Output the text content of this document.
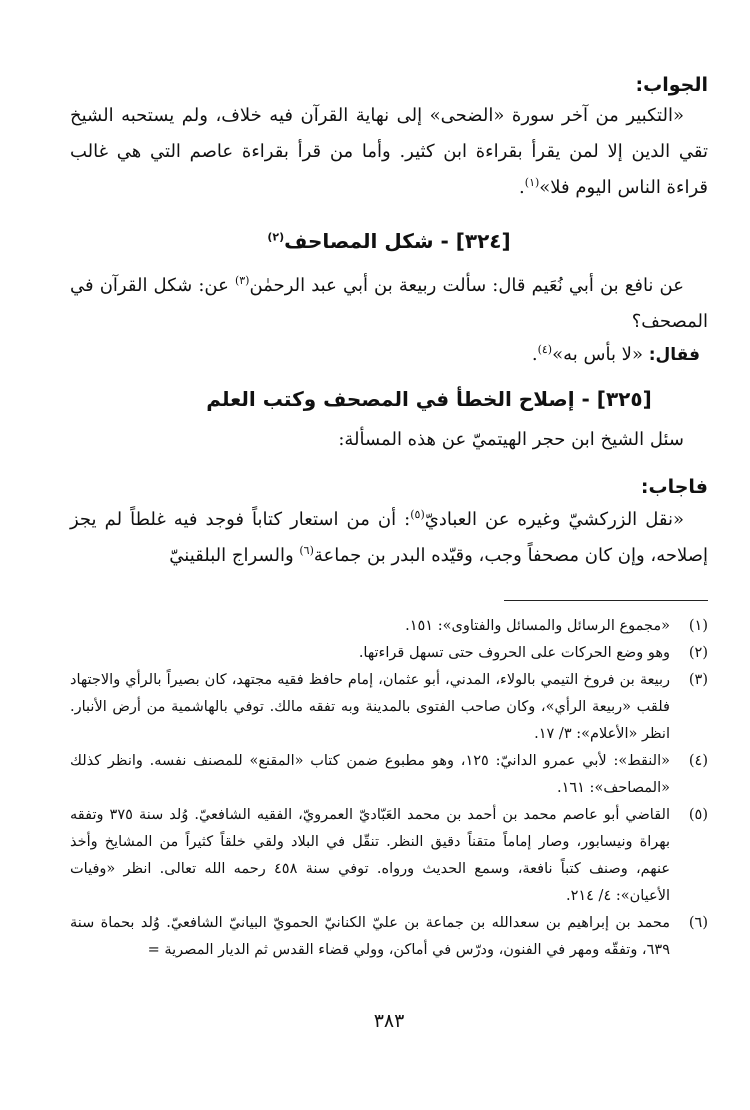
الجواب:

«التكبير من آخر سورة «الضحى» إلى نهاية القرآن فيه خلاف، ولم يستحبه الشيخ تقي الدين إلا لمن يقرأ بقراءة ابن كثير. وأما من قرأ بقراءة عاصم التي هي غالب قراءة الناس اليوم فلا»$^{(١)}$.

[٣٢٤] - شكل المصاحف$^{(٢)}$

عن نافع بن أبي نُعَيم قال: سألت ربيعة بن أبي عبد الرحمٰن$^{(٣)}$ عن: شكل القرآن في المصحف؟

فقال: «لا بأس به»$^{(٤)}$.

[٣٢٥] - إصلاح الخطأ في المصحف وكتب العلم

سئل الشيخ ابن حجر الهيتميّ عن هذه المسألة:

فاجاب:

«نقل الزركشيّ وغيره عن العباديّ$^{(٥)}$: أن من استعار كتاباً فوجد فيه غلطاً لم يجز إصلاحه، وإن كان مصحفاً وجب، وقيّده البدر بن جماعة$^{(٦)}$ والسراج البلقينيّ

(١)
«مجموع الرسائل والمسائل والفتاوى»: ١٥١.
(٢)
وهو وضع الحركات على الحروف حتى تسهل قراءتها.
(٣)
ربيعة بن فروخ التيمي بالولاء، المدني، أبو عثمان، إمام حافظ فقيه مجتهد، كان بصيراً بالرأي والاجتهاد فلقب «ربيعة الرأي»، وكان صاحب الفتوى بالمدينة وبه تفقه مالك. توفي بالهاشمية من أرض الأنبار. انظر «الأعلام»: ٣/ ١٧.
(٤)
«النقط»: لأبي عمرو الدانيّ: ١٢٥، وهو مطبوع ضمن كتاب «المقنع» للمصنف نفسه. وانظر كذلك «المصاحف»: ١٦١.
(٥)
القاضي أبو عاصم محمد بن أحمد بن محمد العَبّاديّ العمرويّ، الفقيه الشافعيّ. وُلد سنة ٣٧٥ وتفقه بهراة ونيسابور، وصار إماماً متقناً دقيق النظر. تنقّل في البلاد ولقي خلقاً كثيراً من المشايخ وأخذ عنهم، وصنف كتباً نافعة، وسمع الحديث ورواه. توفي سنة ٤٥٨ رحمه الله تعالى. انظر «وفيات الأعيان»: ٤/ ٢١٤.
(٦)
محمد بن إبراهيم بن سعدالله بن جماعة بن عليّ الكنانيّ الحمويّ البيانيّ الشافعيّ. وُلد بحماة سنة ٦٣٩، وتفقّه ومهر في الفنون، ودرّس في أماكن، وولي قضاء القدس ثم الديار المصرية =
٣٨٣
